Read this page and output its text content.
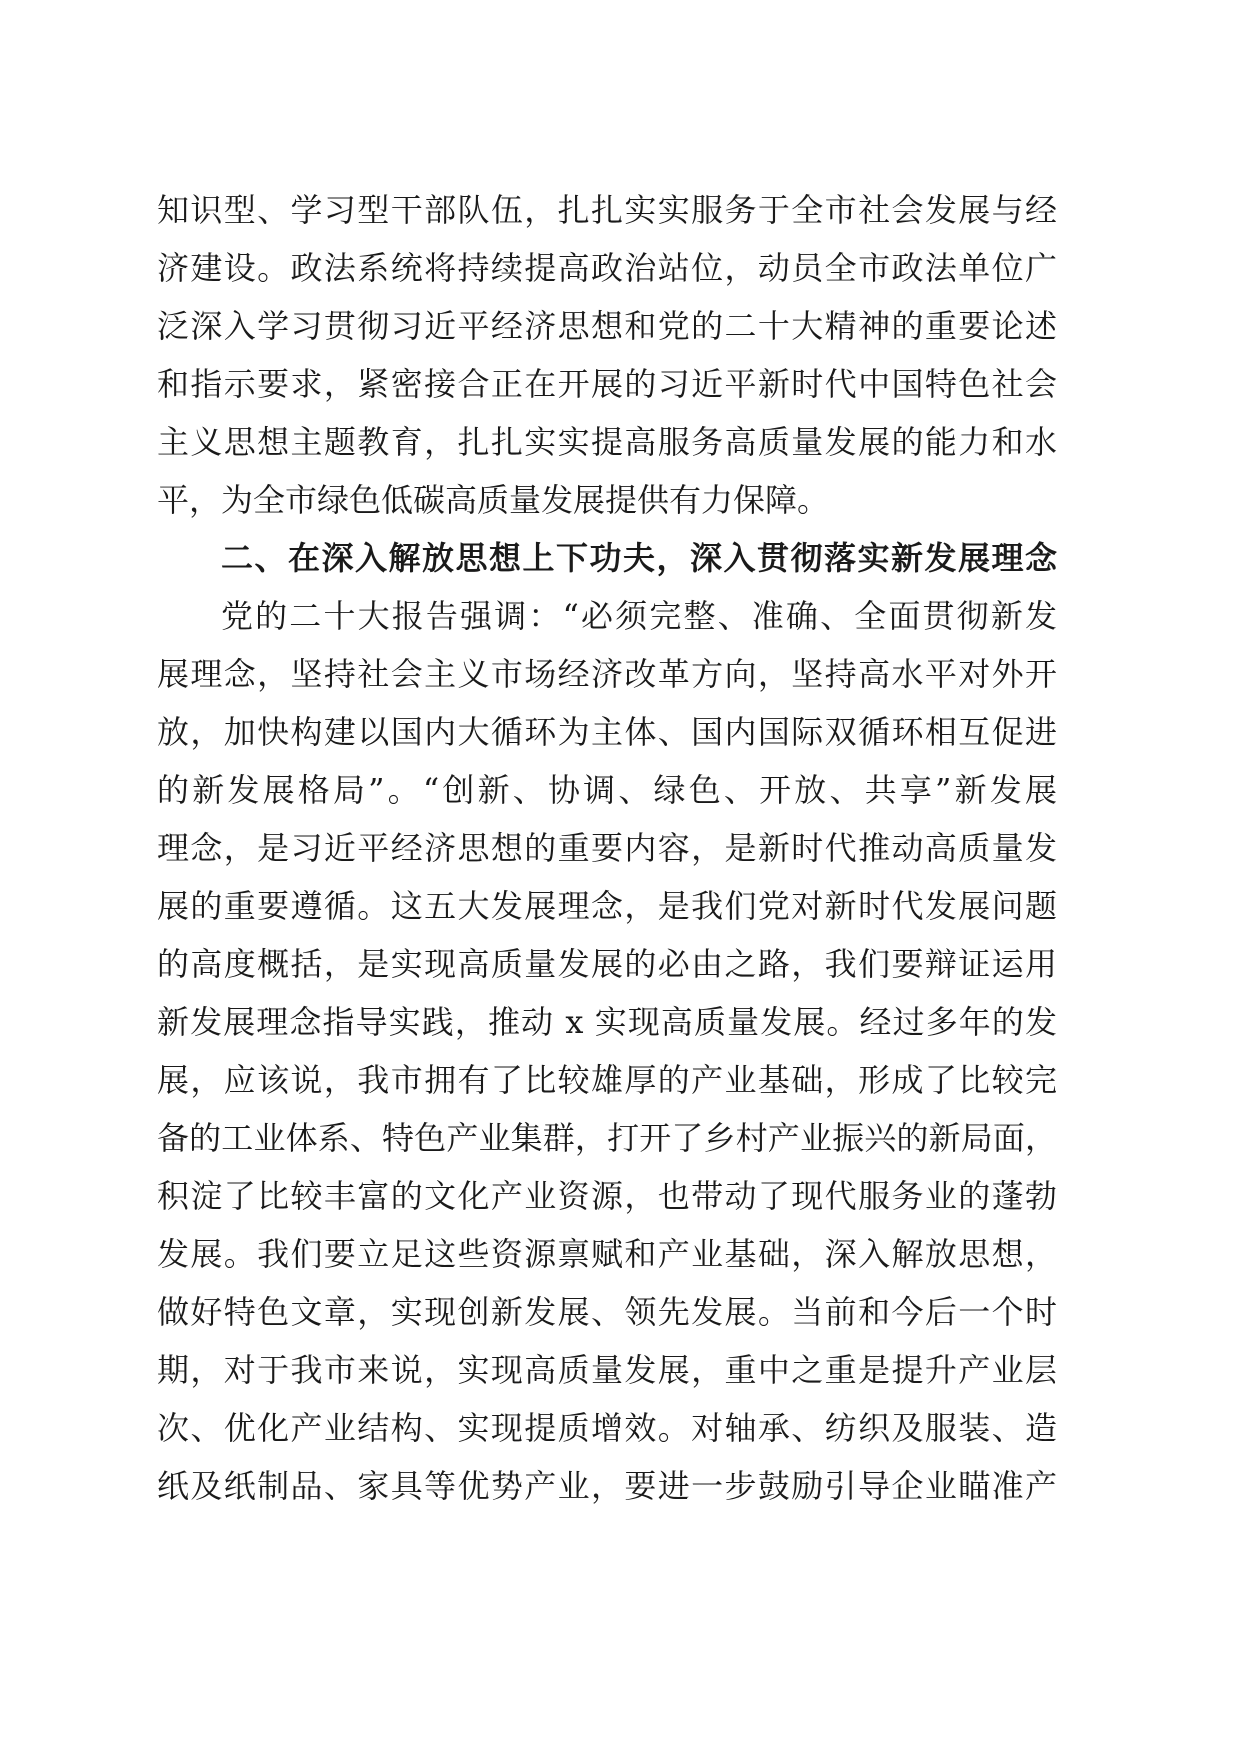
知识型、学习型干部队伍，扎扎实实服务于全市社会发展与经
济建设。政法系统将持续提高政治站位，动员全市政法单位广
泛深入学习贯彻习近平经济思想和党的二十大精神的重要论述
和指示要求，紧密接合正在开展的习近平新时代中国特色社会
主义思想主题教育，扎扎实实提高服务高质量发展的能力和水
平，为全市绿色低碳高质量发展提供有力保障。
二、在深入解放思想上下功夫，深入贯彻落实新发展理念
党的二十大报告强调：“必须完整、准确、全面贯彻新发
展理念，坚持社会主义市场经济改革方向，坚持高水平对外开
放，加快构建以国内大循环为主体、国内国际双循环相互促进
的新发展格局”。“创新、协调、绿色、开放、共享”新发展
理念，是习近平经济思想的重要内容，是新时代推动高质量发
展的重要遵循。这五大发展理念，是我们党对新时代发展问题
的高度概括，是实现高质量发展的必由之路，我们要辩证运用
新发展理念指导实践，推动 x 实现高质量发展。经过多年的发
展，应该说，我市拥有了比较雄厚的产业基础，形成了比较完
备的工业体系、特色产业集群，打开了乡村产业振兴的新局面，
积淀了比较丰富的文化产业资源，也带动了现代服务业的蓬勃
发展。我们要立足这些资源禀赋和产业基础，深入解放思想，
做好特色文章，实现创新发展、领先发展。当前和今后一个时
期，对于我市来说，实现高质量发展，重中之重是提升产业层
次、优化产业结构、实现提质增效。对轴承、纺织及服装、造
纸及纸制品、家具等优势产业，要进一步鼓励引导企业瞄准产
